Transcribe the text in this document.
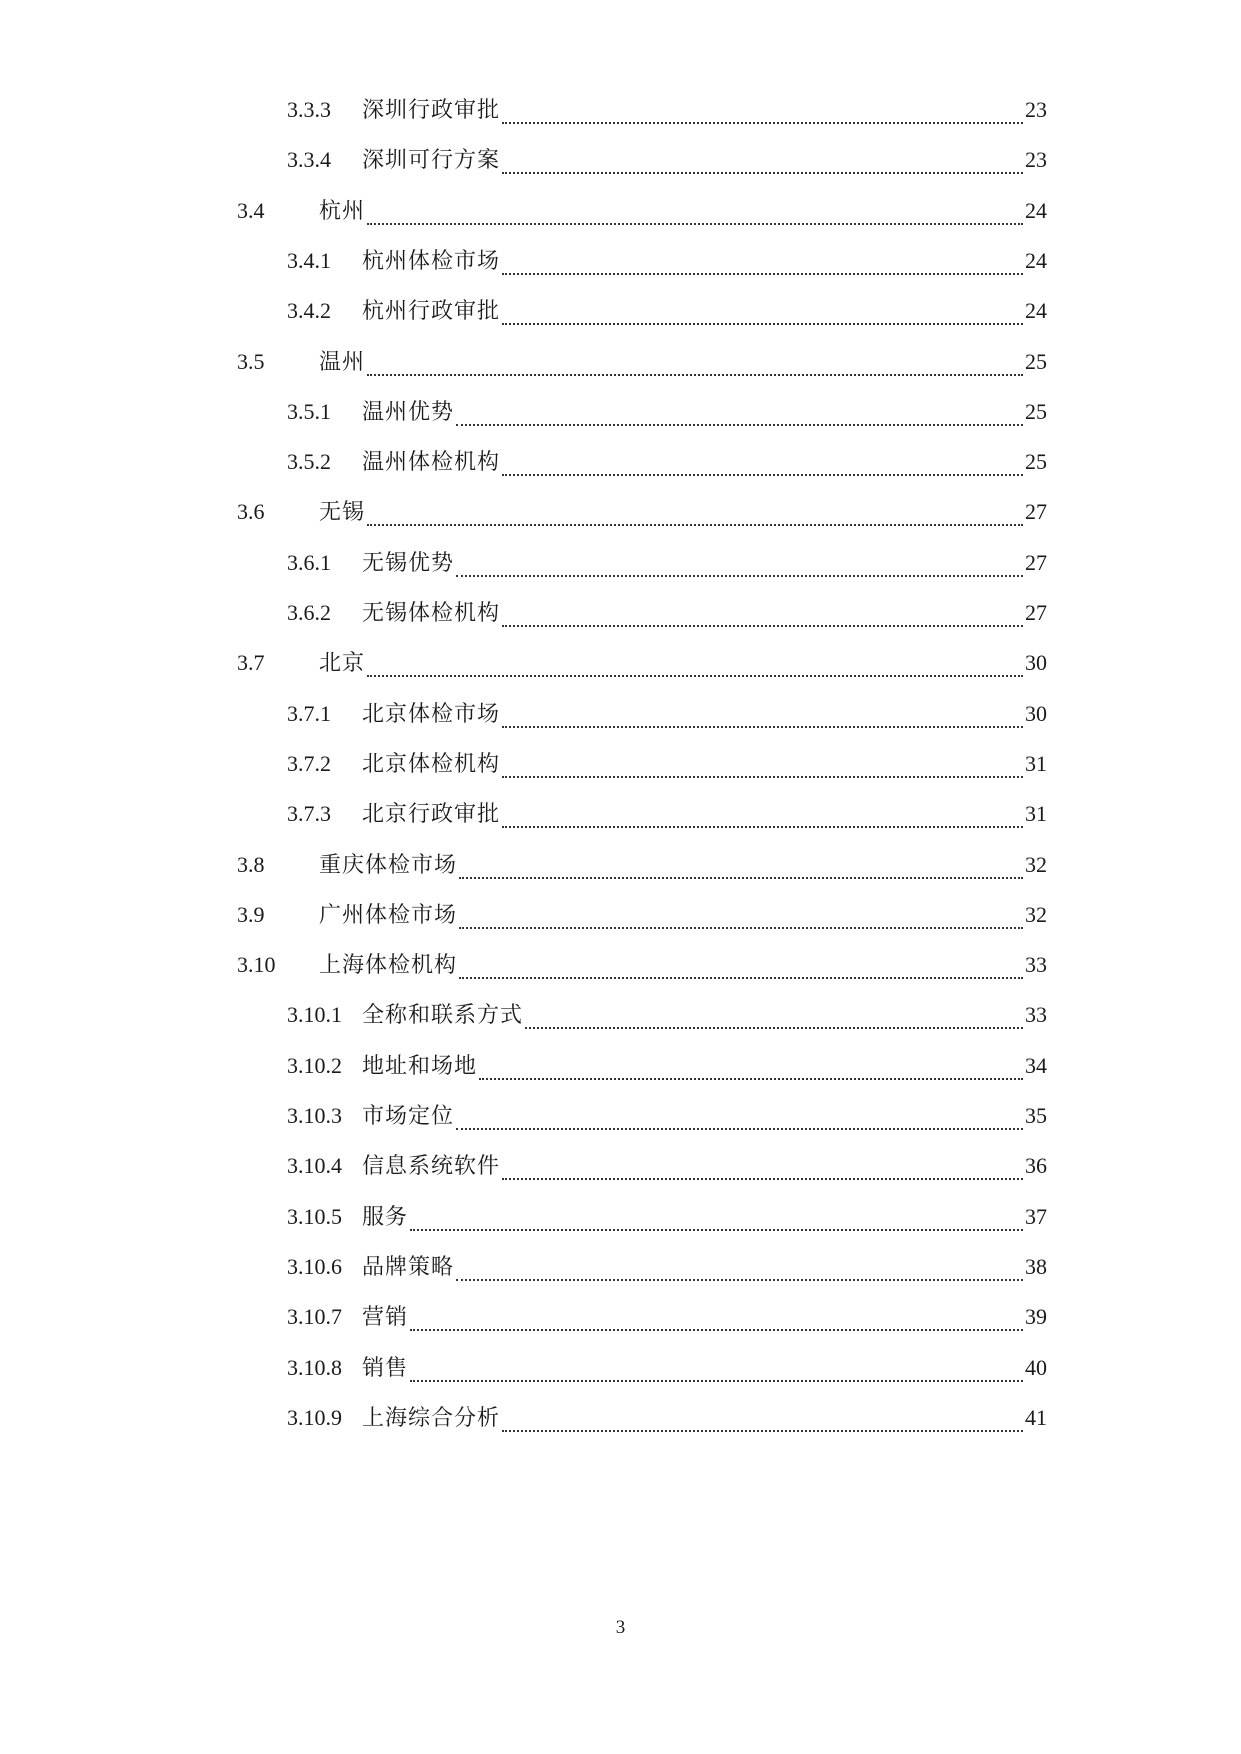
3.3.3	深圳行政审批	23
3.3.4	深圳可行方案	23
3.4	杭州	24
3.4.1	杭州体检市场	24
3.4.2	杭州行政审批	24
3.5	温州	25
3.5.1	温州优势	25
3.5.2	温州体检机构	25
3.6	无锡	27
3.6.1	无锡优势	27
3.6.2	无锡体检机构	27
3.7	北京	30
3.7.1	北京体检市场	30
3.7.2	北京体检机构	31
3.7.3	北京行政审批	31
3.8	重庆体检市场	32
3.9	广州体检市场	32
3.10	上海体检机构	33
3.10.1 全称和联系方式	33
3.10.2 地址和场地	34
3.10.3 市场定位	35
3.10.4 信息系统软件	36
3.10.5 服务	37
3.10.6 品牌策略	38
3.10.7 营销	39
3.10.8 销售	40
3.10.9 上海综合分析	41
3
